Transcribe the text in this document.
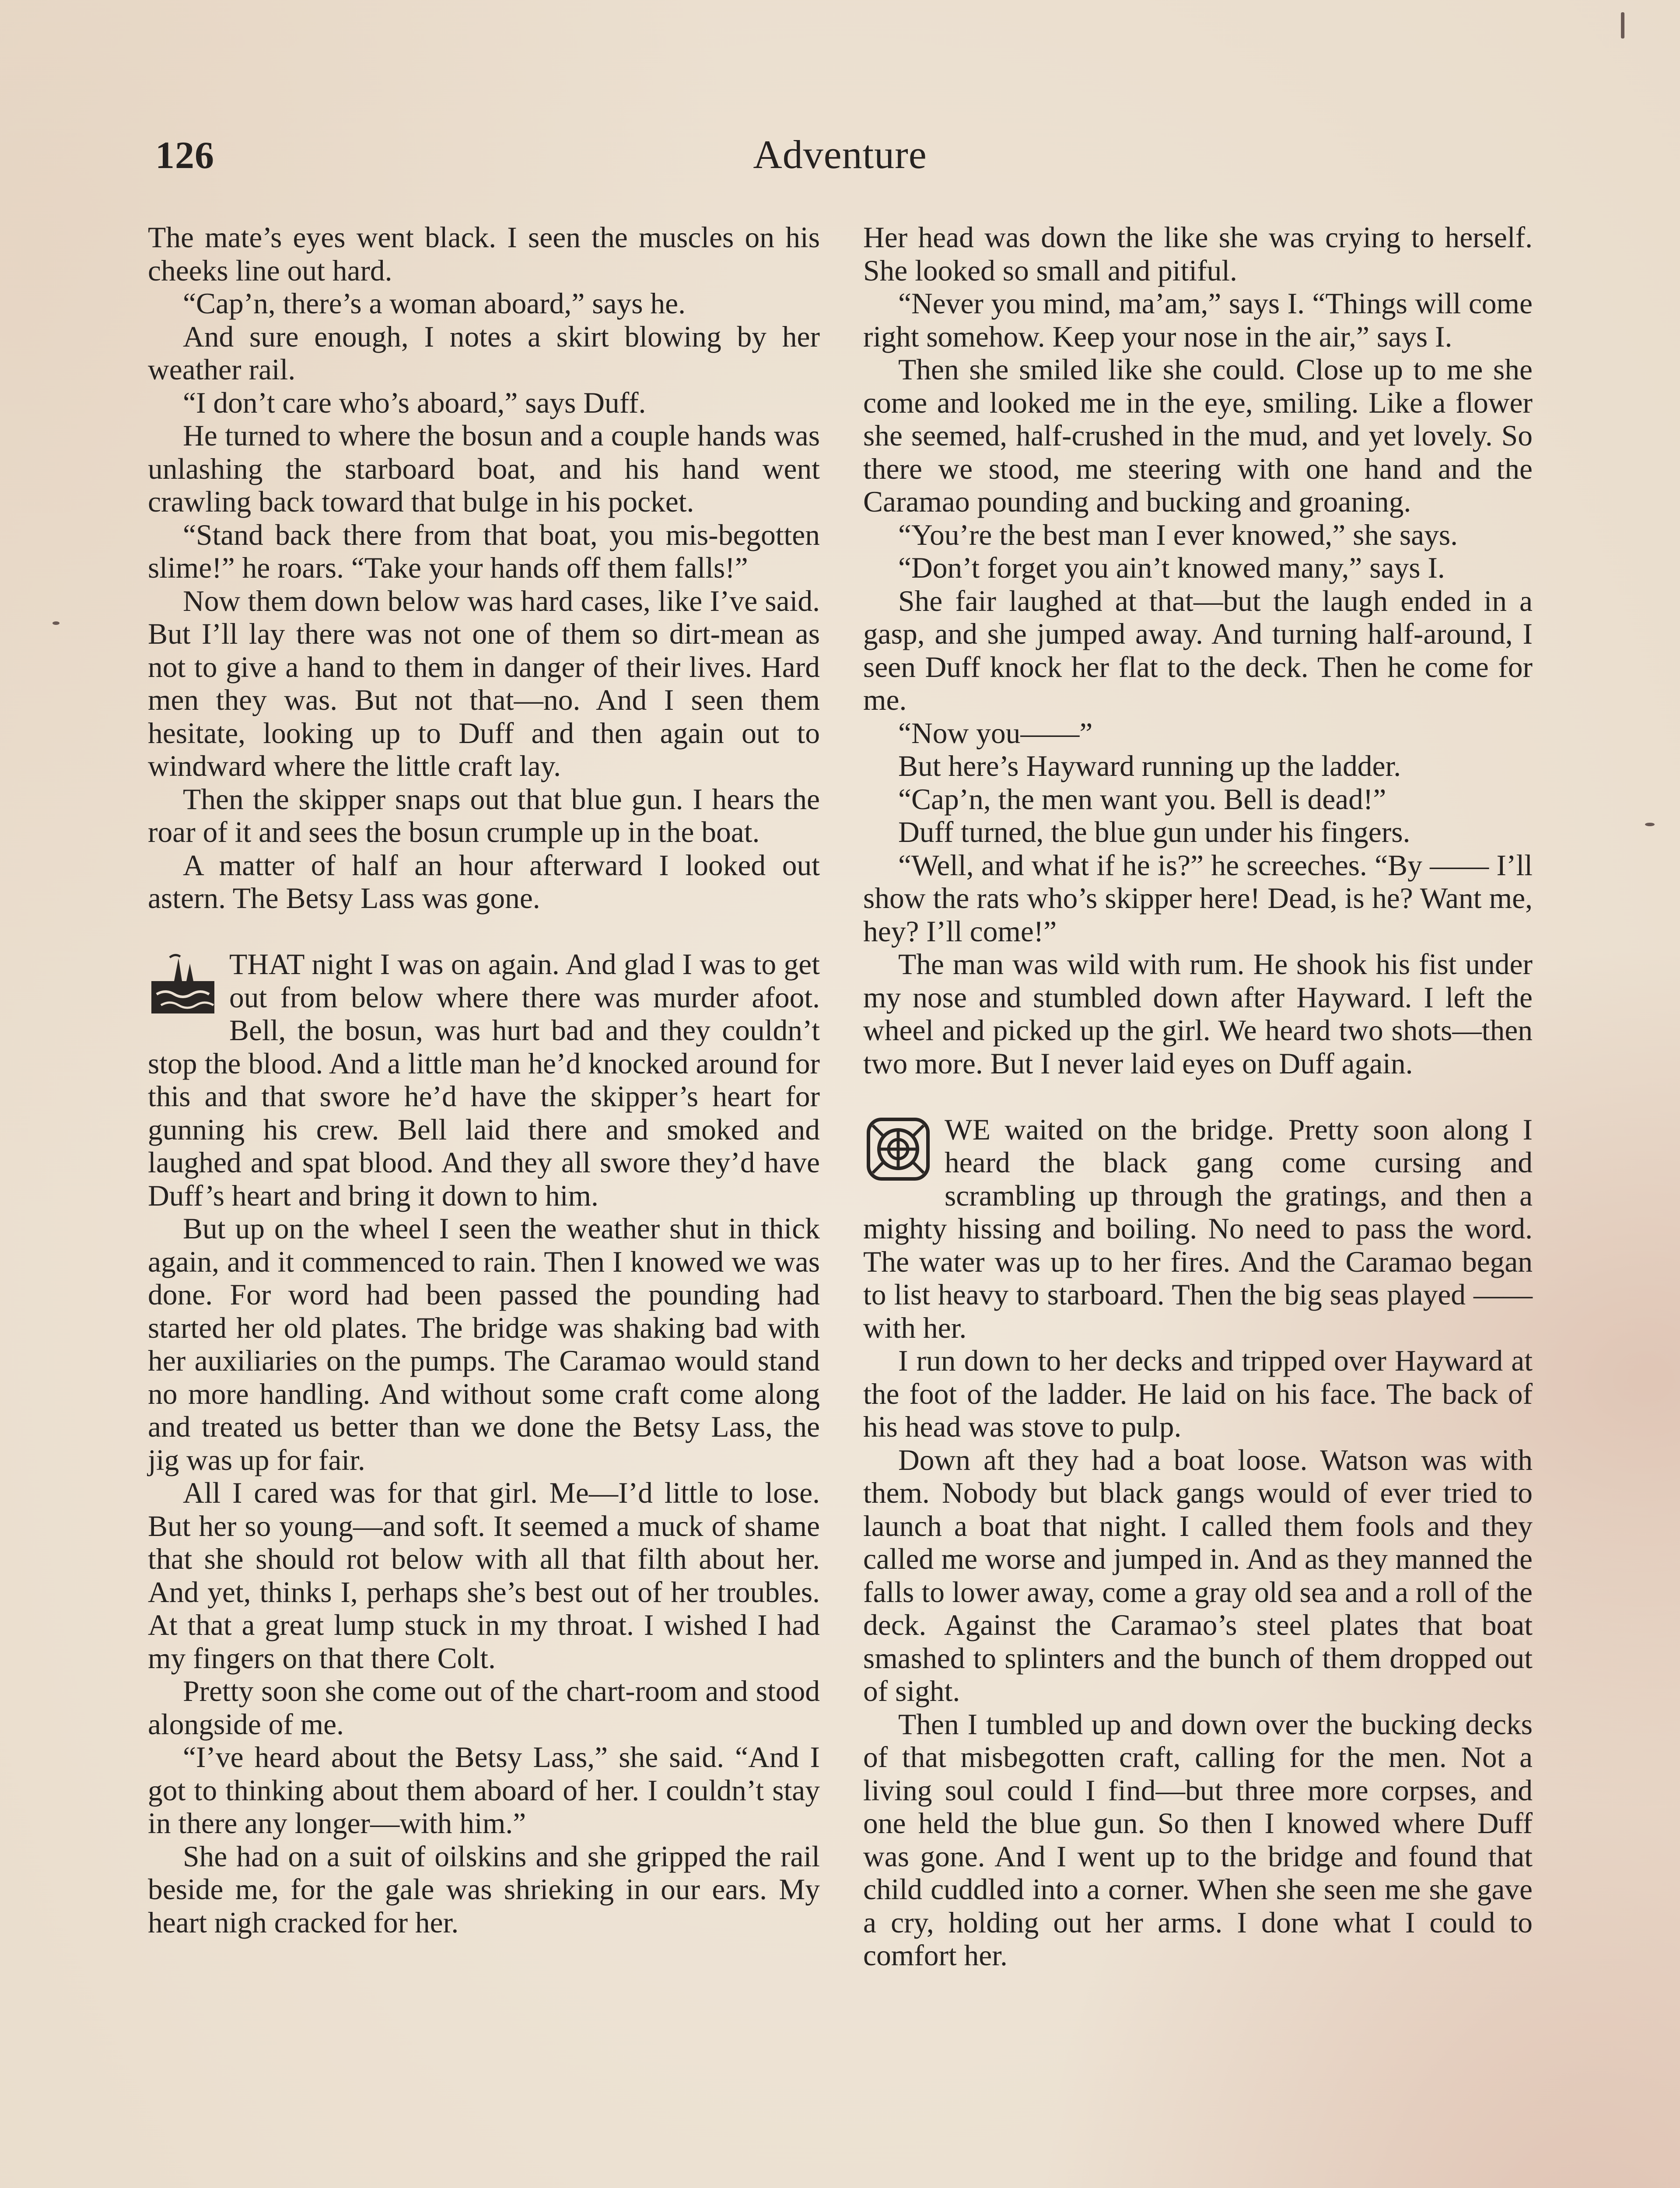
126	Adventure

The mate’s eyes went black. I seen the muscles on his cheeks line out hard.

“Cap’n, there’s a woman aboard,” says he.

And sure enough, I notes a skirt blowing by her weather rail.

“I don’t care who’s aboard,” says Duff.

He turned to where the bosun and a couple hands was unlashing the starboard boat, and his hand went crawling back toward that bulge in his pocket.

“Stand back there from that boat, you mis-begotten slime!” he roars. “Take your hands off them falls!”

Now them down below was hard cases, like I’ve said. But I’ll lay there was not one of them so dirt-mean as not to give a hand to them in danger of their lives. Hard men they was. But not that—no. And I seen them hesitate, looking up to Duff and then again out to windward where the little craft lay.

Then the skipper snaps out that blue gun. I hears the roar of it and sees the bosun crumple up in the boat.

A matter of half an hour afterward I looked out astern. The Betsy Lass was gone.

THAT night I was on again. And glad I was to get out from below where there was murder afoot. Bell, the bosun, was hurt bad and they couldn’t stop the blood. And a little man he’d knocked around for this and that swore he’d have the skipper’s heart for gunning his crew. Bell laid there and smoked and laughed and spat blood. And they all swore they’d have Duff’s heart and bring it down to him.

But up on the wheel I seen the weather shut in thick again, and it commenced to rain. Then I knowed we was done. For word had been passed the pounding had started her old plates. The bridge was shaking bad with her auxiliaries on the pumps. The Caramao would stand no more handling. And without some craft come along and treated us better than we done the Betsy Lass, the jig was up for fair.

All I cared was for that girl. Me—I’d little to lose. But her so young—and soft. It seemed a muck of shame that she should rot below with all that filth about her. And yet, thinks I, perhaps she’s best out of her troubles. At that a great lump stuck in my throat. I wished I had my fingers on that there Colt.

Pretty soon she come out of the chart-room and stood alongside of me.

“I’ve heard about the Betsy Lass,” she said. “And I got to thinking about them aboard of her. I couldn’t stay in there any longer—with him.”

She had on a suit of oilskins and she gripped the rail beside me, for the gale was shrieking in our ears. My heart nigh cracked for her.

Her head was down the like she was crying to herself. She looked so small and pitiful.

“Never you mind, ma’am,” says I. “Things will come right somehow. Keep your nose in the air,” says I.

Then she smiled like she could. Close up to me she come and looked me in the eye, smiling. Like a flower she seemed, half-crushed in the mud, and yet lovely. So there we stood, me steering with one hand and the Caramao pounding and bucking and groaning.

“You’re the best man I ever knowed,” she says.

“Don’t forget you ain’t knowed many,” says I.

She fair laughed at that—but the laugh ended in a gasp, and she jumped away. And turning half-around, I seen Duff knock her flat to the deck. Then he come for me.

“Now you——”

But here’s Hayward running up the ladder.

“Cap’n, the men want you. Bell is dead!”

Duff turned, the blue gun under his fingers.

“Well, and what if he is?” he screeches. “By —— I’ll show the rats who’s skipper here! Dead, is he? Want me, hey? I’ll come!”

The man was wild with rum. He shook his fist under my nose and stumbled down after Hayward. I left the wheel and picked up the girl. We heard two shots—then two more. But I never laid eyes on Duff again.

WE waited on the bridge. Pretty soon along I heard the black gang come cursing and scrambling up through the gratings, and then a mighty hissing and boiling. No need to pass the word. The water was up to her fires. And the Caramao began to list heavy to starboard. Then the big seas played —— with her.

I run down to her decks and tripped over Hayward at the foot of the ladder. He laid on his face. The back of his head was stove to pulp.

Down aft they had a boat loose. Watson was with them. Nobody but black gangs would of ever tried to launch a boat that night. I called them fools and they called me worse and jumped in. And as they manned the falls to lower away, come a gray old sea and a roll of the deck. Against the Caramao’s steel plates that boat smashed to splinters and the bunch of them dropped out of sight.

Then I tumbled up and down over the bucking decks of that misbegotten craft, calling for the men. Not a living soul could I find—but three more corpses, and one held the blue gun. So then I knowed where Duff was gone. And I went up to the bridge and found that child cuddled into a corner. When she seen me she gave a cry, holding out her arms. I done what I could to comfort her.
